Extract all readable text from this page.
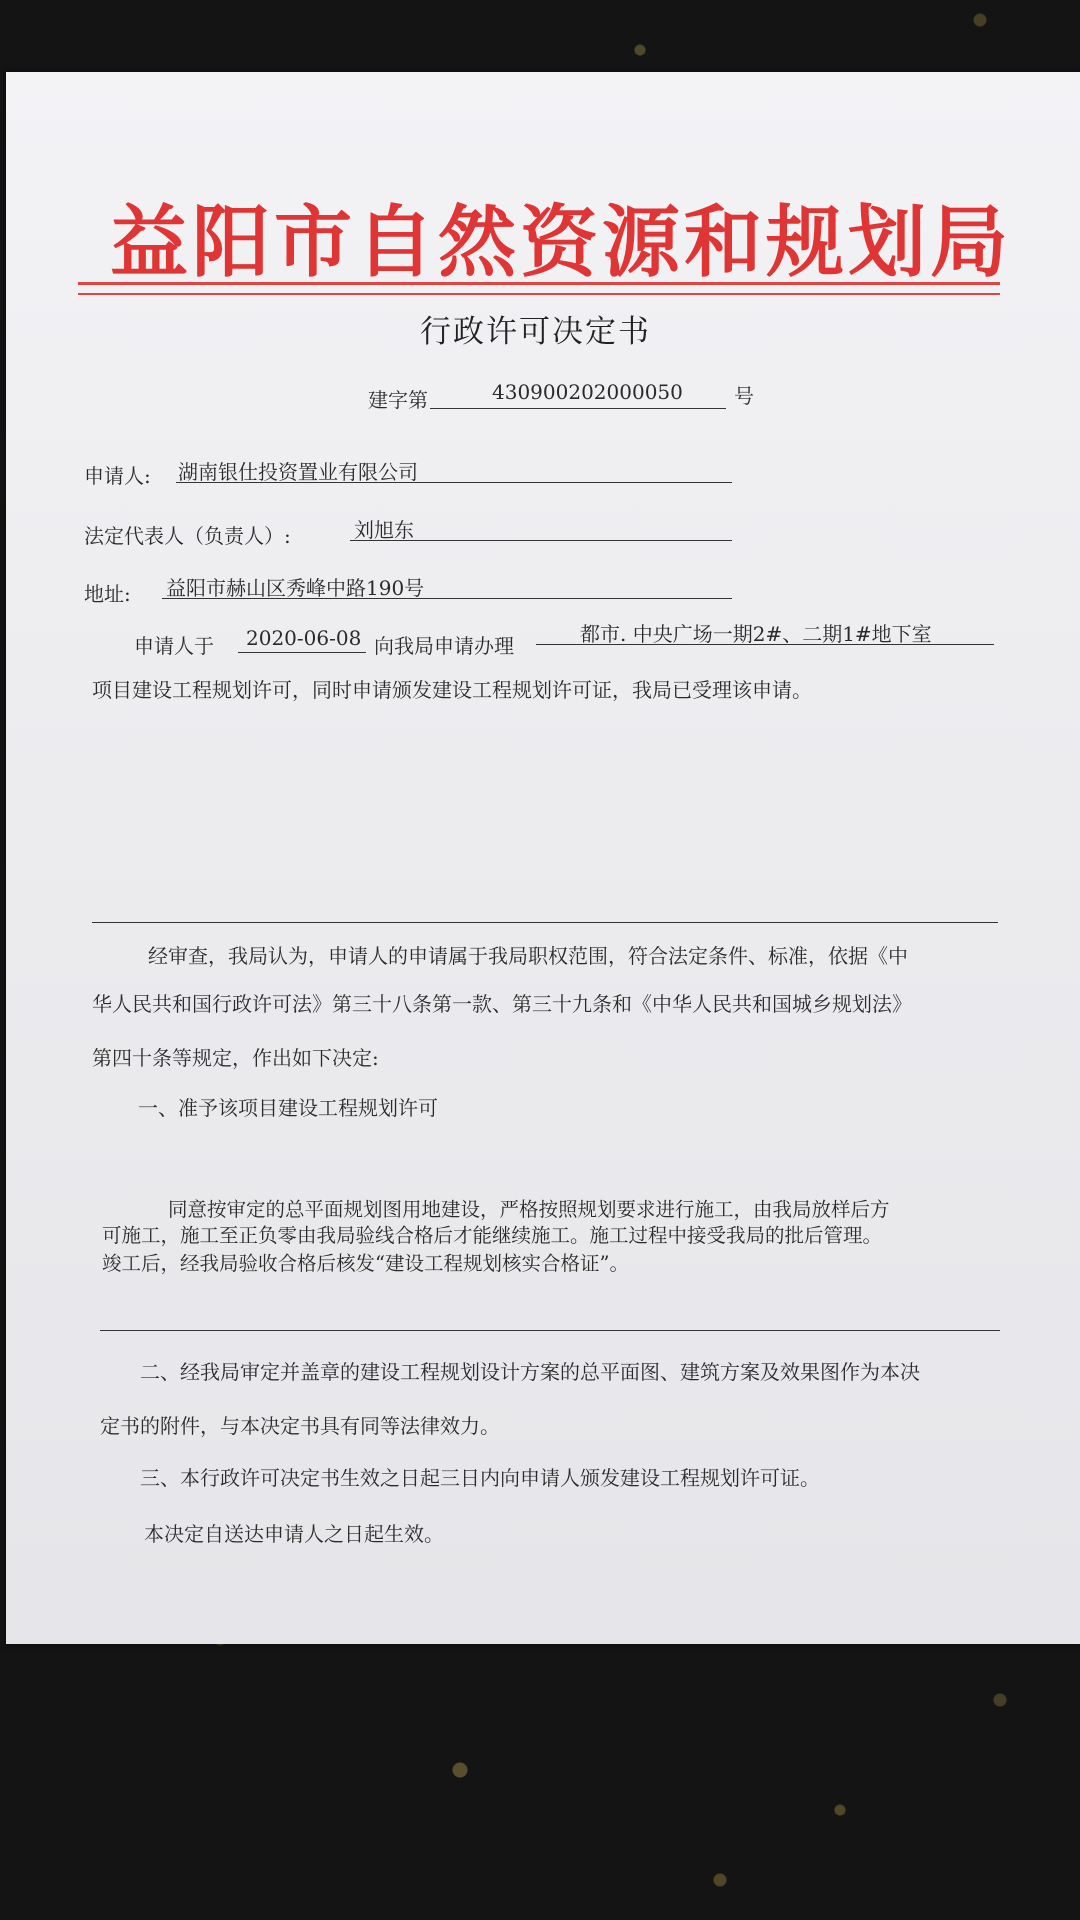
益阳市自然资源和规划局
行政许可决定书
建字第	430900202000050	号
申请人: 湖南银仕投资置业有限公司
法定代表人（负责人）:	刘旭东
地址: 益阳市赫山区秀峰中路190号
申请人于 2020-06-08 向我局申请办理	都市. 中央广场一期2#、二期1#地下室
项目建设工程规划许可，同时申请颁发建设工程规划许可证，我局已受理该申请。
经审查，我局认为，申请人的申请属于我局职权范围，符合法定条件、标准，依据《中
华人民共和国行政许可法》第三十八条第一款、第三十九条和《中华人民共和国城乡规划法》
第四十条等规定，作出如下决定:
一、准予该项目建设工程规划许可
同意按审定的总平面规划图用地建设，严格按照规划要求进行施工，由我局放样后方
可施工，施工至正负零由我局验线合格后才能继续施工。施工过程中接受我局的批后管理。
竣工后，经我局验收合格后核发“建设工程规划核实合格证”。
二、经我局审定并盖章的建设工程规划设计方案的总平面图、建筑方案及效果图作为本决
定书的附件，与本决定书具有同等法律效力。
三、本行政许可决定书生效之日起三日内向申请人颁发建设工程规划许可证。
本决定自送达申请人之日起生效。
